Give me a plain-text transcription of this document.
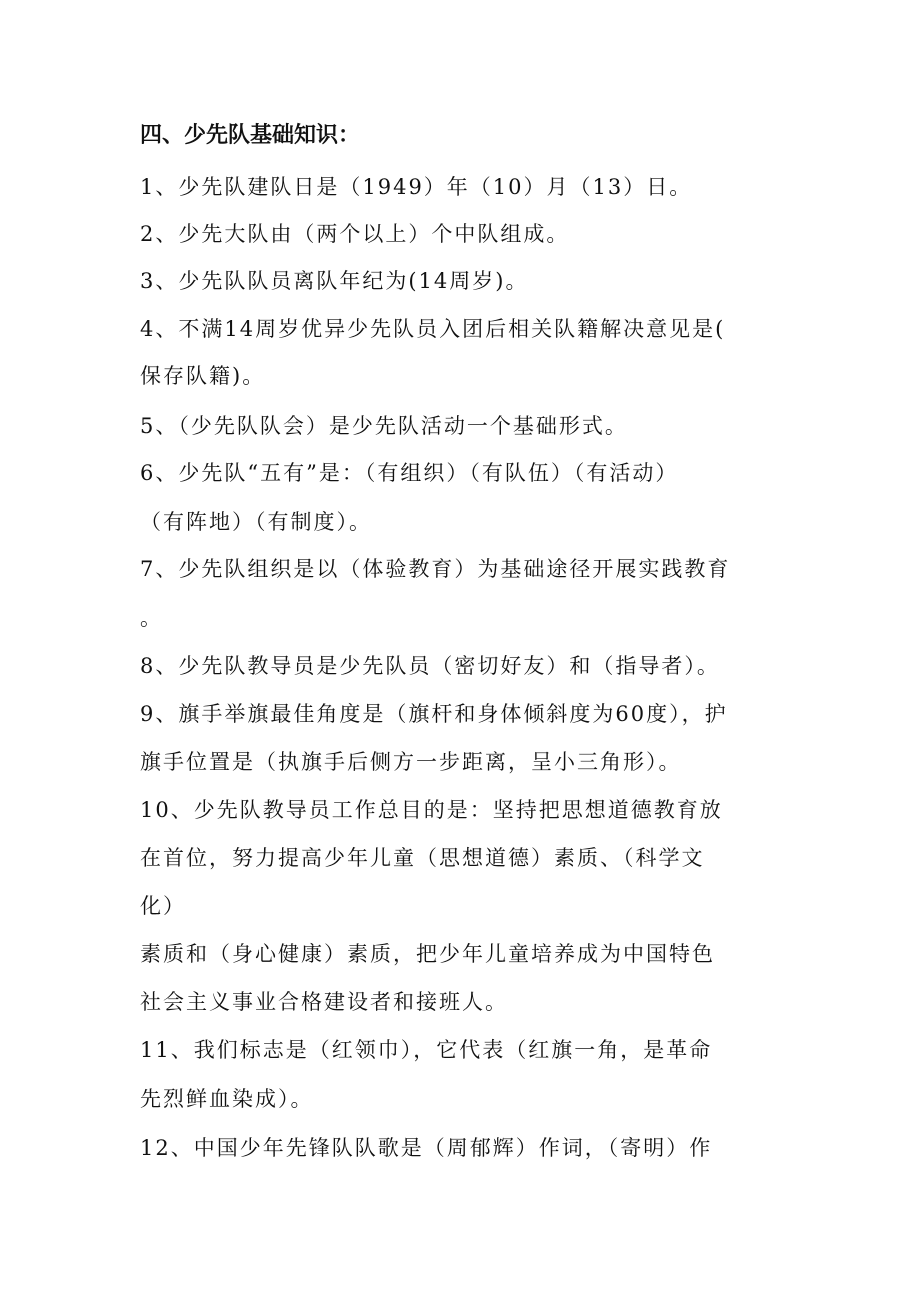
四、少先队基础知识：

1、少先队建队日是（1949）年（10）月（13）日。

2、少先大队由（两个以上）个中队组成。

3、少先队队员离队年纪为(14周岁)。

4、不满14周岁优异少先队员入团后相关队籍解决意见是(

保存队籍)。

5、（少先队队会）是少先队活动一个基础形式。

6、少先队“五有”是：（有组织）（有队伍）（有活动）

（有阵地）（有制度）。

7、少先队组织是以（体验教育）为基础途径开展实践教育

。

8、少先队教导员是少先队员（密切好友）和（指导者）。

9、旗手举旗最佳角度是（旗杆和身体倾斜度为60度），护

旗手位置是（执旗手后侧方一步距离，呈小三角形）。

10、少先队教导员工作总目的是：坚持把思想道德教育放

在首位，努力提高少年儿童（思想道德）素质、（科学文

化）

素质和（身心健康）素质，把少年儿童培养成为中国特色

社会主义事业合格建设者和接班人。

11、我们标志是（红领巾），它代表（红旗一角，是革命

先烈鲜血染成）。

12、中国少年先锋队队歌是（周郁辉）作词，（寄明）作
